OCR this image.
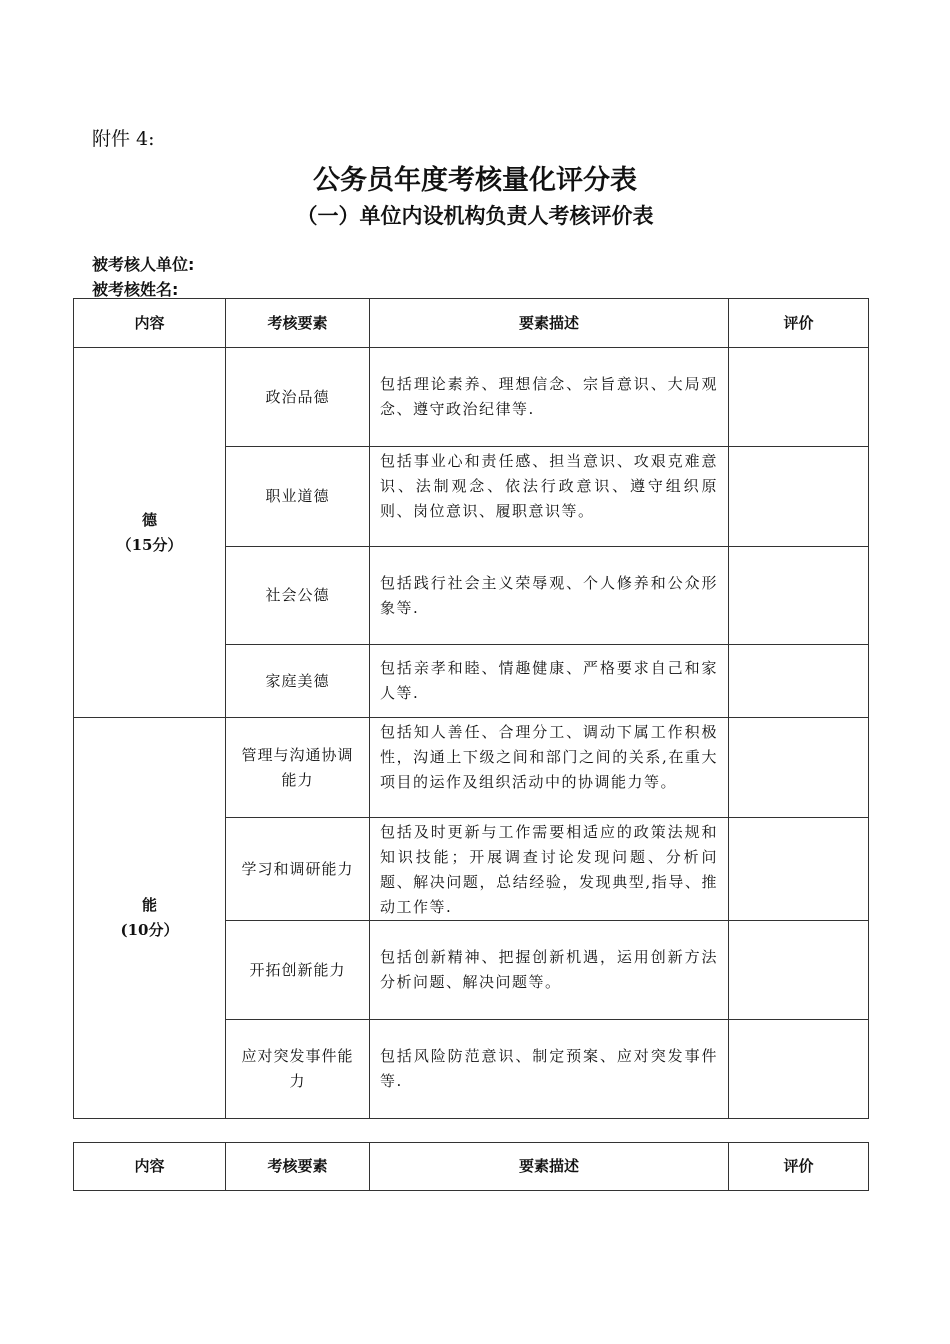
附件 4:
公务员年度考核量化评分表
（一）单位内设机构负责人考核评价表
被考核人单位:
被考核姓名:
内容	考核要素	要素描述	评价
德
（15分）	政治品德	包括理论素养、理想信念、宗旨意识、大局观念、遵守政治纪律等.	
	职业道德	包括事业心和责任感、担当意识、攻艰克难意识、法制观念、依法行政意识、遵守组织原则、岗位意识、履职意识等。	
	社会公德	包括践行社会主义荣辱观、个人修养和公众形象等.	
	家庭美德	包括亲孝和睦、情趣健康、严格要求自己和家人等.	
能
(10分）	管理与沟通协调能力	包括知人善任、合理分工、调动下属工作积极性，沟通上下级之间和部门之间的关系,在重大项目的运作及组织活动中的协调能力等。	
	学习和调研能力	包括及时更新与工作需要相适应的政策法规和知识技能；开展调查讨论发现问题、分析问题、解决问题，总结经验，发现典型,指导、推动工作等.	
	开拓创新能力	包括创新精神、把握创新机遇，运用创新方法分析问题、解决问题等。	
	应对突发事件能力	包括风险防范意识、制定预案、应对突发事件等.	
内容	考核要素	要素描述	评价
